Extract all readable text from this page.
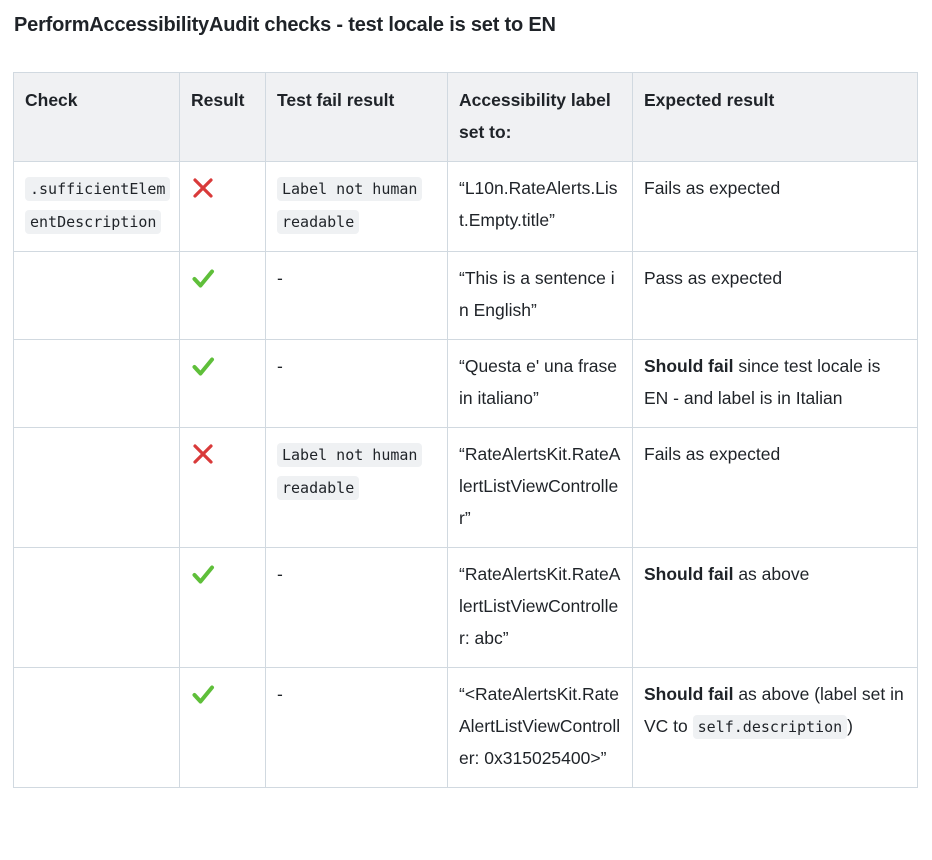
PerformAccessibilityAudit checks - test locale is set to EN
Check	Result	Test fail result	Accessibility label set to:	Expected result
.sufficientElementDescription		Label not human readable	“L10n.RateAlerts.List.Empty.title”	Fails as expected
		-	“This is a sentence in English”	Pass as expected
		-	“Questa e' una frase in italiano”	Should fail since test locale is EN - and label is in Italian
		Label not human readable	“RateAlertsKit.RateAlertListViewController”	Fails as expected
		-	“RateAlertsKit.RateAlertListViewController: abc”	Should fail as above
		-	“<RateAlertsKit.RateAlertListViewController: 0x315025400>”	Should fail as above (label set in VC to self.description )
